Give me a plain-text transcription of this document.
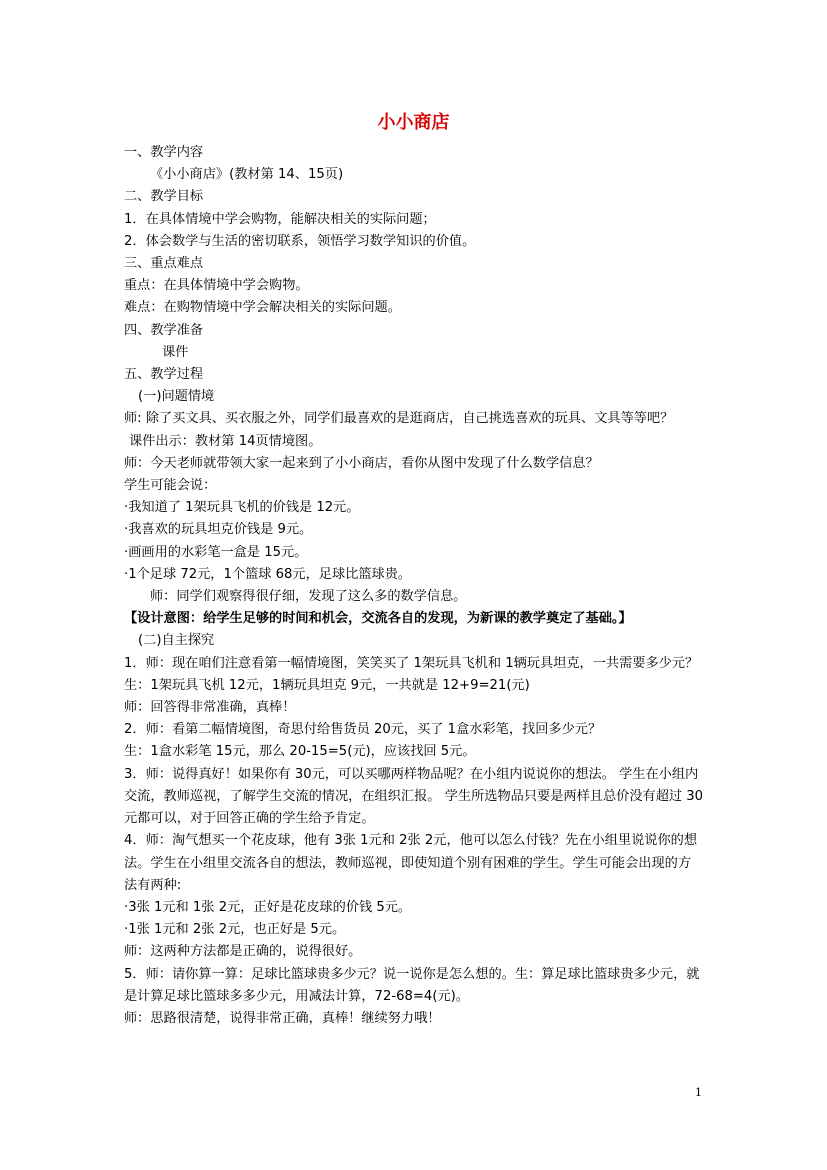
小小商店

一、教学内容

《小小商店》(教材第 14、15页)

二、教学目标

1．在具体情境中学会购物，能解决相关的实际问题；

2．体会数学与生活的密切联系，领悟学习数学知识的价值。

三、重点难点

重点：在具体情境中学会购物。

难点：在购物情境中学会解决相关的实际问题。

四、教学准备

课件

五、教学过程

(一)问题情境

师: 除了买文具、买衣服之外，同学们最喜欢的是逛商店，自己挑选喜欢的玩具、文具等等吧？

课件出示：教材第 14页情境图。

师：今天老师就带领大家一起来到了小小商店，看你从图中发现了什么数学信息？

学生可能会说：

·我知道了 1架玩具飞机的价钱是 12元。

·我喜欢的玩具坦克价钱是 9元。

·画画用的水彩笔一盒是 15元。

·1个足球 72元，1个篮球 68元，足球比篮球贵。

师：同学们观察得很仔细，发现了这么多的数学信息。

【设计意图：给学生足够的时间和机会，交流各自的发现，为新课的教学奠定了基础。】

(二)自主探究

1．师：现在咱们注意看第一幅情境图，笑笑买了 1架玩具飞机和 1辆玩具坦克，一共需要多少元？

生：1架玩具飞机 12元，1辆玩具坦克 9元，一共就是 12+9=21(元)

师：回答得非常准确，真棒！

2．师：看第二幅情境图，奇思付给售货员 20元，买了 1盒水彩笔，找回多少元？

生：1盒水彩笔 15元，那么 20-15=5(元)，应该找回 5元。

3．师：说得真好！如果你有 30元，可以买哪两样物品呢？在小组内说说你的想法。 学生在小组内交流，教师巡视，了解学生交流的情况，在组织汇报。 学生所选物品只要是两样且总价没有超过 30元都可以，对于回答正确的学生给予肯定。

4．师：淘气想买一个花皮球，他有 3张 1元和 2张 2元，他可以怎么付钱？先在小组里说说你的想法。学生在小组里交流各自的想法，教师巡视，即使知道个别有困难的学生。学生可能会出现的方法有两种:

·3张 1元和 1张 2元，正好是花皮球的价钱 5元。

·1张 1元和 2张 2元，也正好是 5元。

师：这两种方法都是正确的，说得很好。

5．师：请你算一算：足球比篮球贵多少元？说一说你是怎么想的。生：算足球比篮球贵多少元，就是计算足球比篮球多多少元，用减法计算，72-68=4(元)。

师：思路很清楚，说得非常正确，真棒！继续努力哦！

1
